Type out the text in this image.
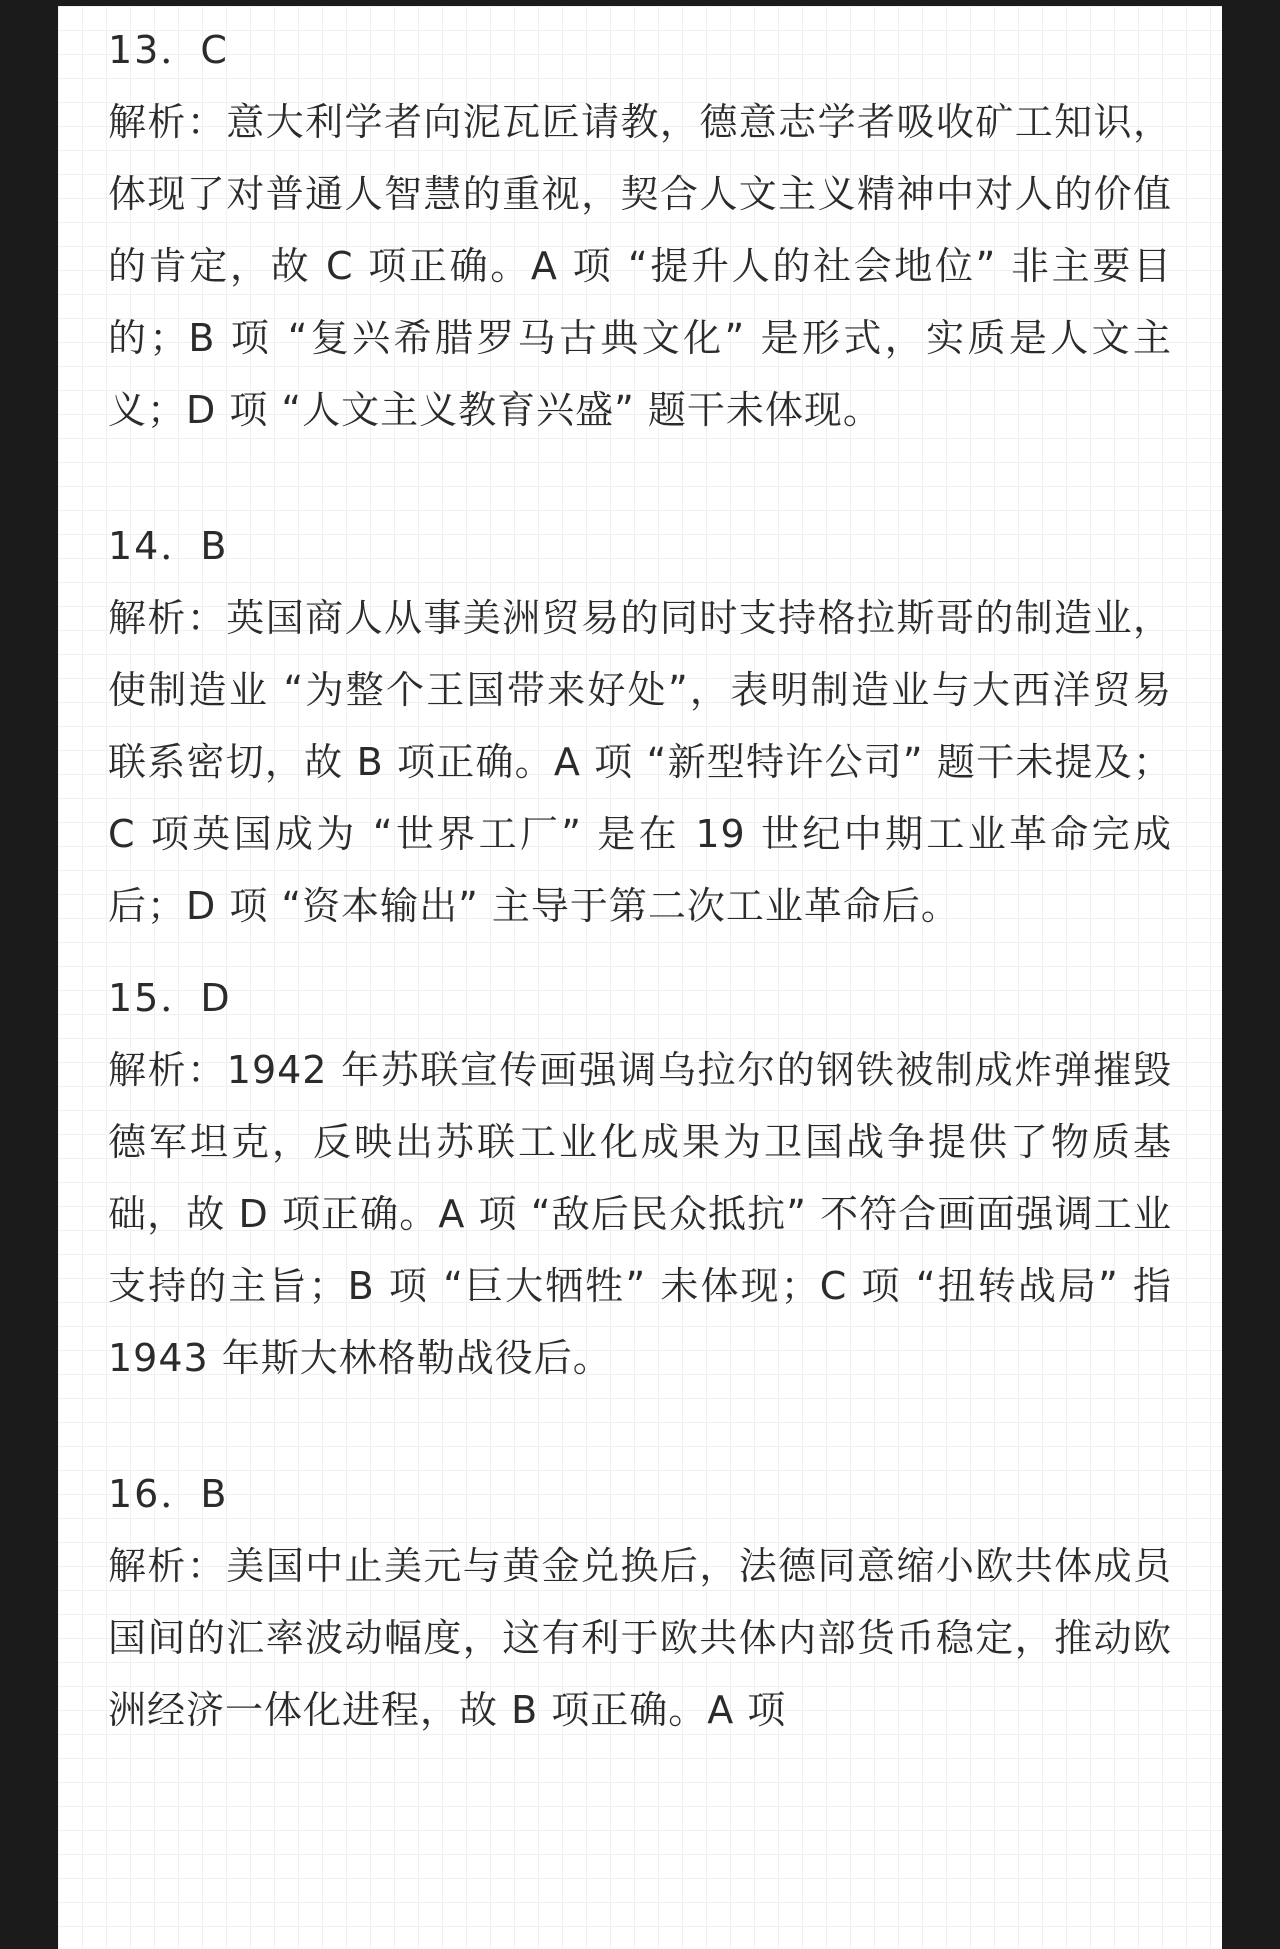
13．C

解析：意大利学者向泥瓦匠请教，德意志学者吸收矿工知识，体现了对普通人智慧的重视，契合人文主义精神中对人的价值的肯定，故 C 项正确。A 项 “提升人的社会地位” 非主要目的；B 项 “复兴希腊罗马古典文化” 是形式，实质是人文主义；D 项 “人文主义教育兴盛” 题干未体现。

14．B

解析：英国商人从事美洲贸易的同时支持格拉斯哥的制造业，使制造业 “为整个王国带来好处”，表明制造业与大西洋贸易联系密切，故 B 项正确。A 项 “新型特许公司” 题干未提及；C 项英国成为 “世界工厂” 是在 19 世纪中期工业革命完成后；D 项 “资本输出” 主导于第二次工业革命后。

15．D

解析：1942 年苏联宣传画强调乌拉尔的钢铁被制成炸弹摧毁德军坦克，反映出苏联工业化成果为卫国战争提供了物质基础，故 D 项正确。A 项 “敌后民众抵抗” 不符合画面强调工业支持的主旨；B 项 “巨大牺牲” 未体现；C 项 “扭转战局” 指 1943 年斯大林格勒战役后。

16．B

解析：美国中止美元与黄金兑换后，法德同意缩小欧共体成员国间的汇率波动幅度，这有利于欧共体内部货币稳定，推动欧洲经济一体化进程，故 B 项正确。A 项
